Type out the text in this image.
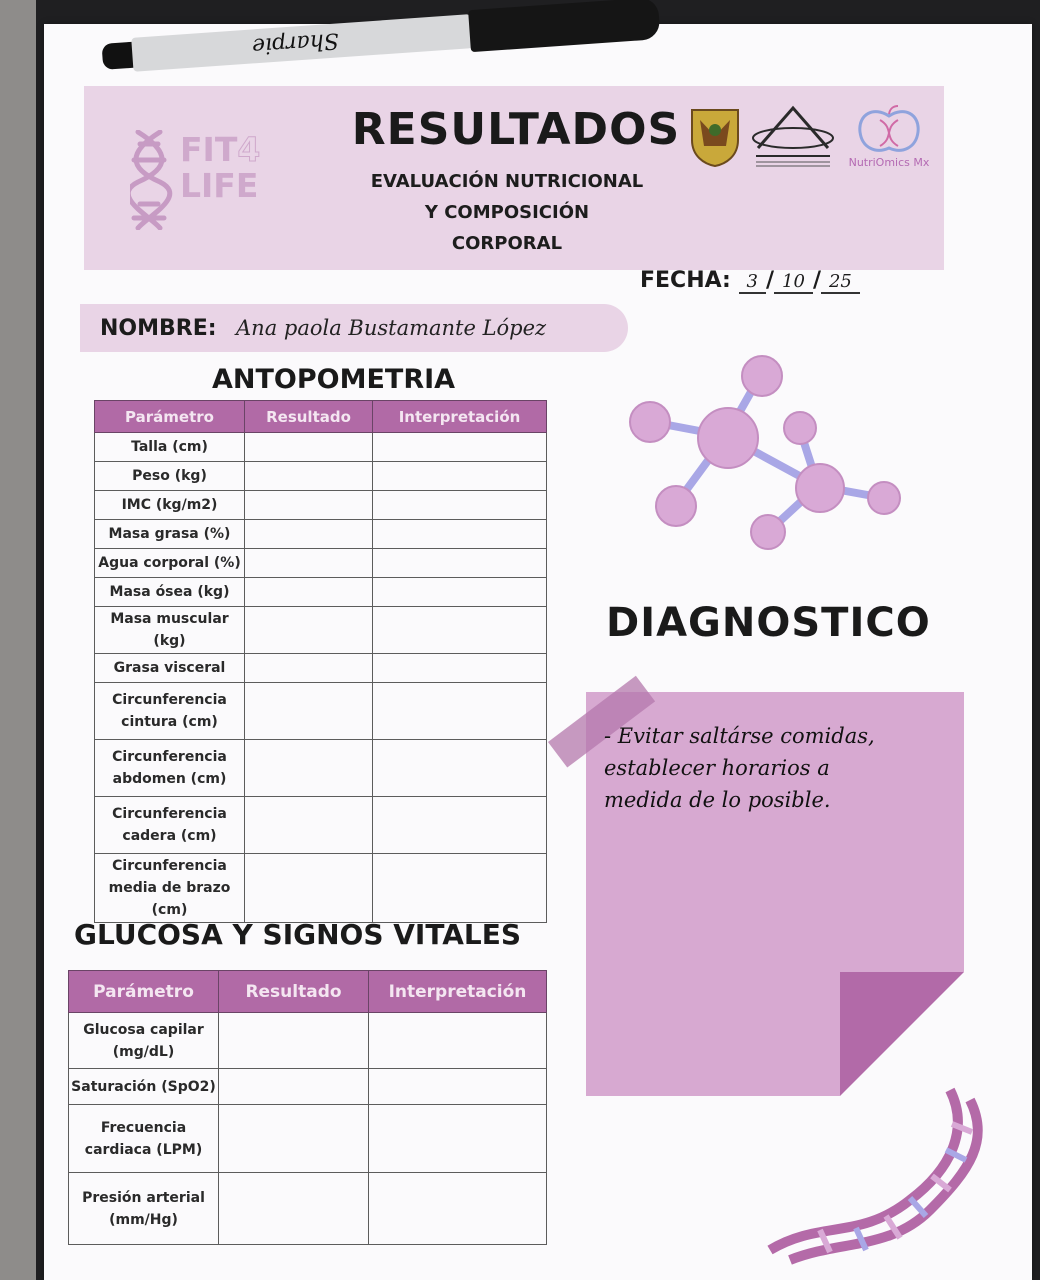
FIT4
LIFE
RESULTADOS
EVALUACIÓN NUTRICIONAL
Y COMPOSICIÓN
CORPORAL
NutriOmics Mx
Sharpie
FECHA: 3 / 10 / 25
NOMBRE: Ana paola Bustamante López
ANTOPOMETRIA
Parámetro	Resultado	Interpretación
Talla (cm)		
Peso (kg)		
IMC (kg/m2)		
Masa grasa (%)		
Agua corporal (%)		
Masa ósea (kg)		
Masa muscular (kg)		
Grasa visceral		
Circunferencia cintura (cm)		
Circunferencia abdomen (cm)		
Circunferencia cadera (cm)		
Circunferencia media de brazo (cm)		
GLUCOSA Y SIGNOS VITALES
Parámetro	Resultado	Interpretación
Glucosa capilar (mg/dL)		
Saturación (SpO2)		
Frecuencia cardiaca (LPM)		
Presión arterial (mm/Hg)		
DIAGNOSTICO
- Evitar saltárse comidas,
establecer horarios a
medida de lo posible.
